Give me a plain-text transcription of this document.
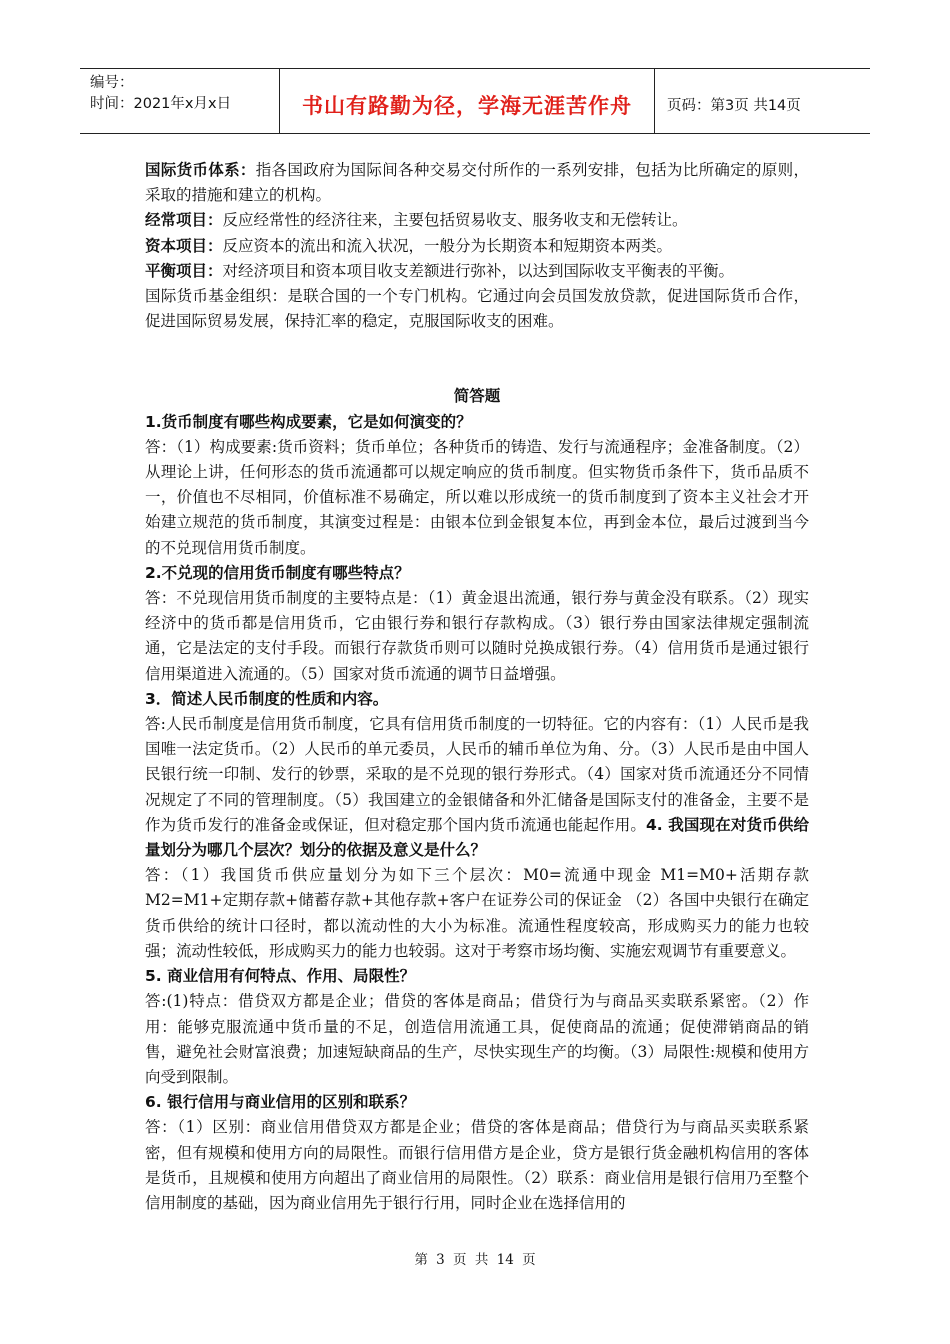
编号：
时间：2021年x月x日	书山有路勤为径，学海无涯苦作舟	页码：第3页 共14页

国际货币体系：指各国政府为国际间各种交易交付所作的一系列安排，包括为比所确定的原则，采取的措施和建立的机构。

经常项目：反应经常性的经济往来，主要包括贸易收支、服务收支和无偿转让。

资本项目：反应资本的流出和流入状况，一般分为长期资本和短期资本两类。

平衡项目：对经济项目和资本项目收支差额进行弥补，以达到国际收支平衡表的平衡。

国际货币基金组织：是联合国的一个专门机构。它通过向会员国发放贷款，促进国际货币合作，促进国际贸易发展，保持汇率的稳定，克服国际收支的困难。

简答题

1.货币制度有哪些构成要素，它是如何演变的？

答：（1）构成要素:货币资料；货币单位；各种货币的铸造、发行与流通程序；金准备制度。（2）从理论上讲，任何形态的货币流通都可以规定响应的货币制度。但实物货币条件下，货币品质不一，价值也不尽相同，价值标准不易确定，所以难以形成统一的货币制度到了资本主义社会才开始建立规范的货币制度，其演变过程是：由银本位到金银复本位，再到金本位，最后过渡到当今的不兑现信用货币制度。

2.不兑现的信用货币制度有哪些特点？

答：不兑现信用货币制度的主要特点是：（1）黄金退出流通，银行券与黄金没有联系。（2）现实经济中的货币都是信用货币，它由银行券和银行存款构成。（3）银行券由国家法律规定强制流通，它是法定的支付手段。而银行存款货币则可以随时兑换成银行券。（4）信用货币是通过银行信用渠道进入流通的。（5）国家对货币流通的调节日益增强。

3．简述人民币制度的性质和内容。

答:人民币制度是信用货币制度，它具有信用货币制度的一切特征。它的内容有：（1）人民币是我国唯一法定货币。（2）人民币的单元委员，人民币的辅币单位为角、分。（3）人民币是由中国人民银行统一印制、发行的钞票，采取的是不兑现的银行券形式。（4）国家对货币流通还分不同情况规定了不同的管理制度。（5）我国建立的金银储备和外汇储备是国际支付的准备金，主要不是作为货币发行的准备金或保证，但对稳定那个国内货币流通也能起作用。4. 我国现在对货币供给量划分为哪几个层次？划分的依据及意义是什么？

答：（1）我国货币供应量划分为如下三个层次：M0=流通中现金 M1=M0+活期存款 M2=M1+定期存款+储蓄存款+其他存款+客户在证券公司的保证金 （2）各国中央银行在确定货币供给的统计口径时，都以流动性的大小为标准。流通性程度较高，形成购买力的能力也较强；流动性较低，形成购买力的能力也较弱。这对于考察市场均衡、实施宏观调节有重要意义。

5. 商业信用有何特点、作用、局限性？

答:(1)特点：借贷双方都是企业；借贷的客体是商品；借贷行为与商品买卖联系紧密。（2）作用：能够克服流通中货币量的不足，创造信用流通工具，促使商品的流通；促使滞销商品的销售，避免社会财富浪费；加速短缺商品的生产，尽快实现生产的均衡。（3）局限性:规模和使用方向受到限制。

6. 银行信用与商业信用的区别和联系？

答：（1）区别：商业信用借贷双方都是企业；借贷的客体是商品；借贷行为与商品买卖联系紧密，但有规模和使用方向的局限性。而银行信用借方是企业，贷方是银行货金融机构信用的客体是货币，且规模和使用方向超出了商业信用的局限性。（2）联系：商业信用是银行信用乃至整个信用制度的基础，因为商业信用先于银行行用，同时企业在选择信用的

第 3 页 共 14 页
